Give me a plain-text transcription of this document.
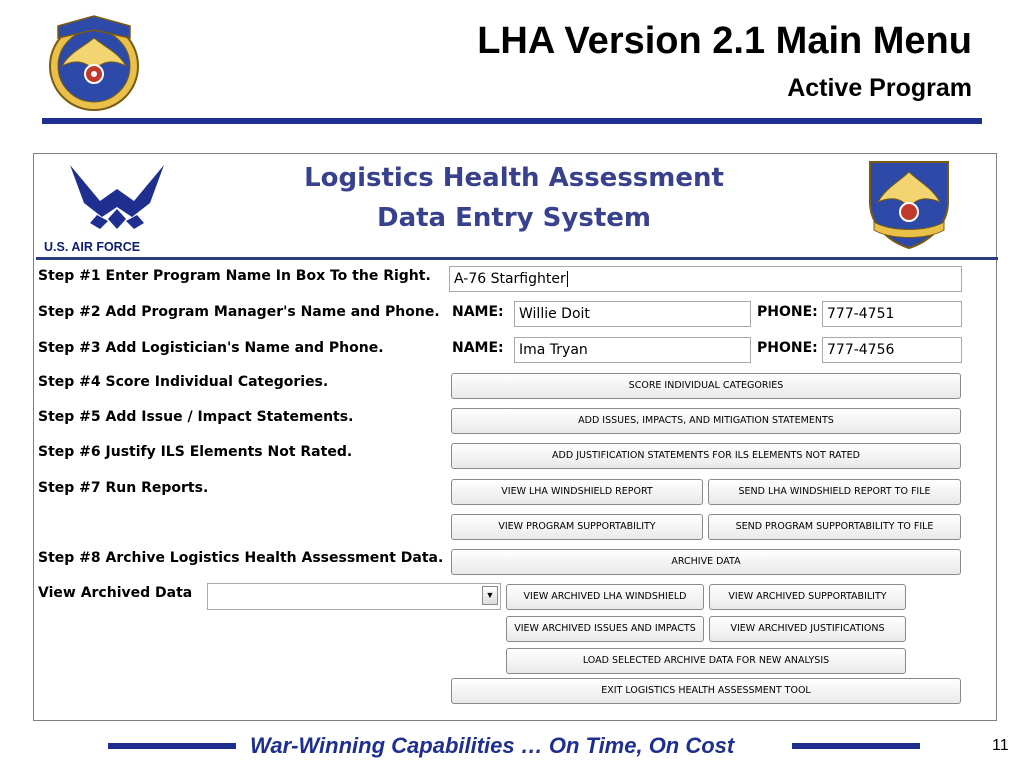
LHA Version 2.1 Main Menu
Active Program
U.S. AIR FORCE
Logistics Health Assessment
Data Entry System
Step #1 Enter Program Name In Box To the Right.	A-76 Starfighter
Step #2 Add Program Manager's Name and Phone. NAME:	Willie Doit	PHONE: 777-4751
Step #3 Add Logistician's Name and Phone.	NAME:	Ima Tryan	PHONE: 777-4756
Step #4 Score Individual Categories.	SCORE INDIVIDUAL CATEGORIES
Step #5 Add Issue / Impact Statements.	ADD ISSUES, IMPACTS, AND MITIGATION STATEMENTS
Step #6 Justify ILS Elements Not Rated.	ADD JUSTIFICATION STATEMENTS FOR ILS ELEMENTS NOT RATED
Step #7 Run Reports.	VIEW LHA WINDSHIELD REPORT	SEND LHA WINDSHIELD REPORT TO FILE
VIEW PROGRAM SUPPORTABILITY	SEND PROGRAM SUPPORTABILITY TO FILE
Step #8 Archive Logistics Health Assessment Data.	ARCHIVE DATA
View Archived Data	▼	VIEW ARCHIVED LHA WINDSHIELD	VIEW ARCHIVED SUPPORTABILITY
VIEW ARCHIVED ISSUES AND IMPACTS	VIEW ARCHIVED JUSTIFICATIONS
LOAD SELECTED ARCHIVE DATA FOR NEW ANALYSIS
EXIT LOGISTICS HEALTH ASSESSMENT TOOL
War-Winning Capabilities … On Time, On Cost	11
